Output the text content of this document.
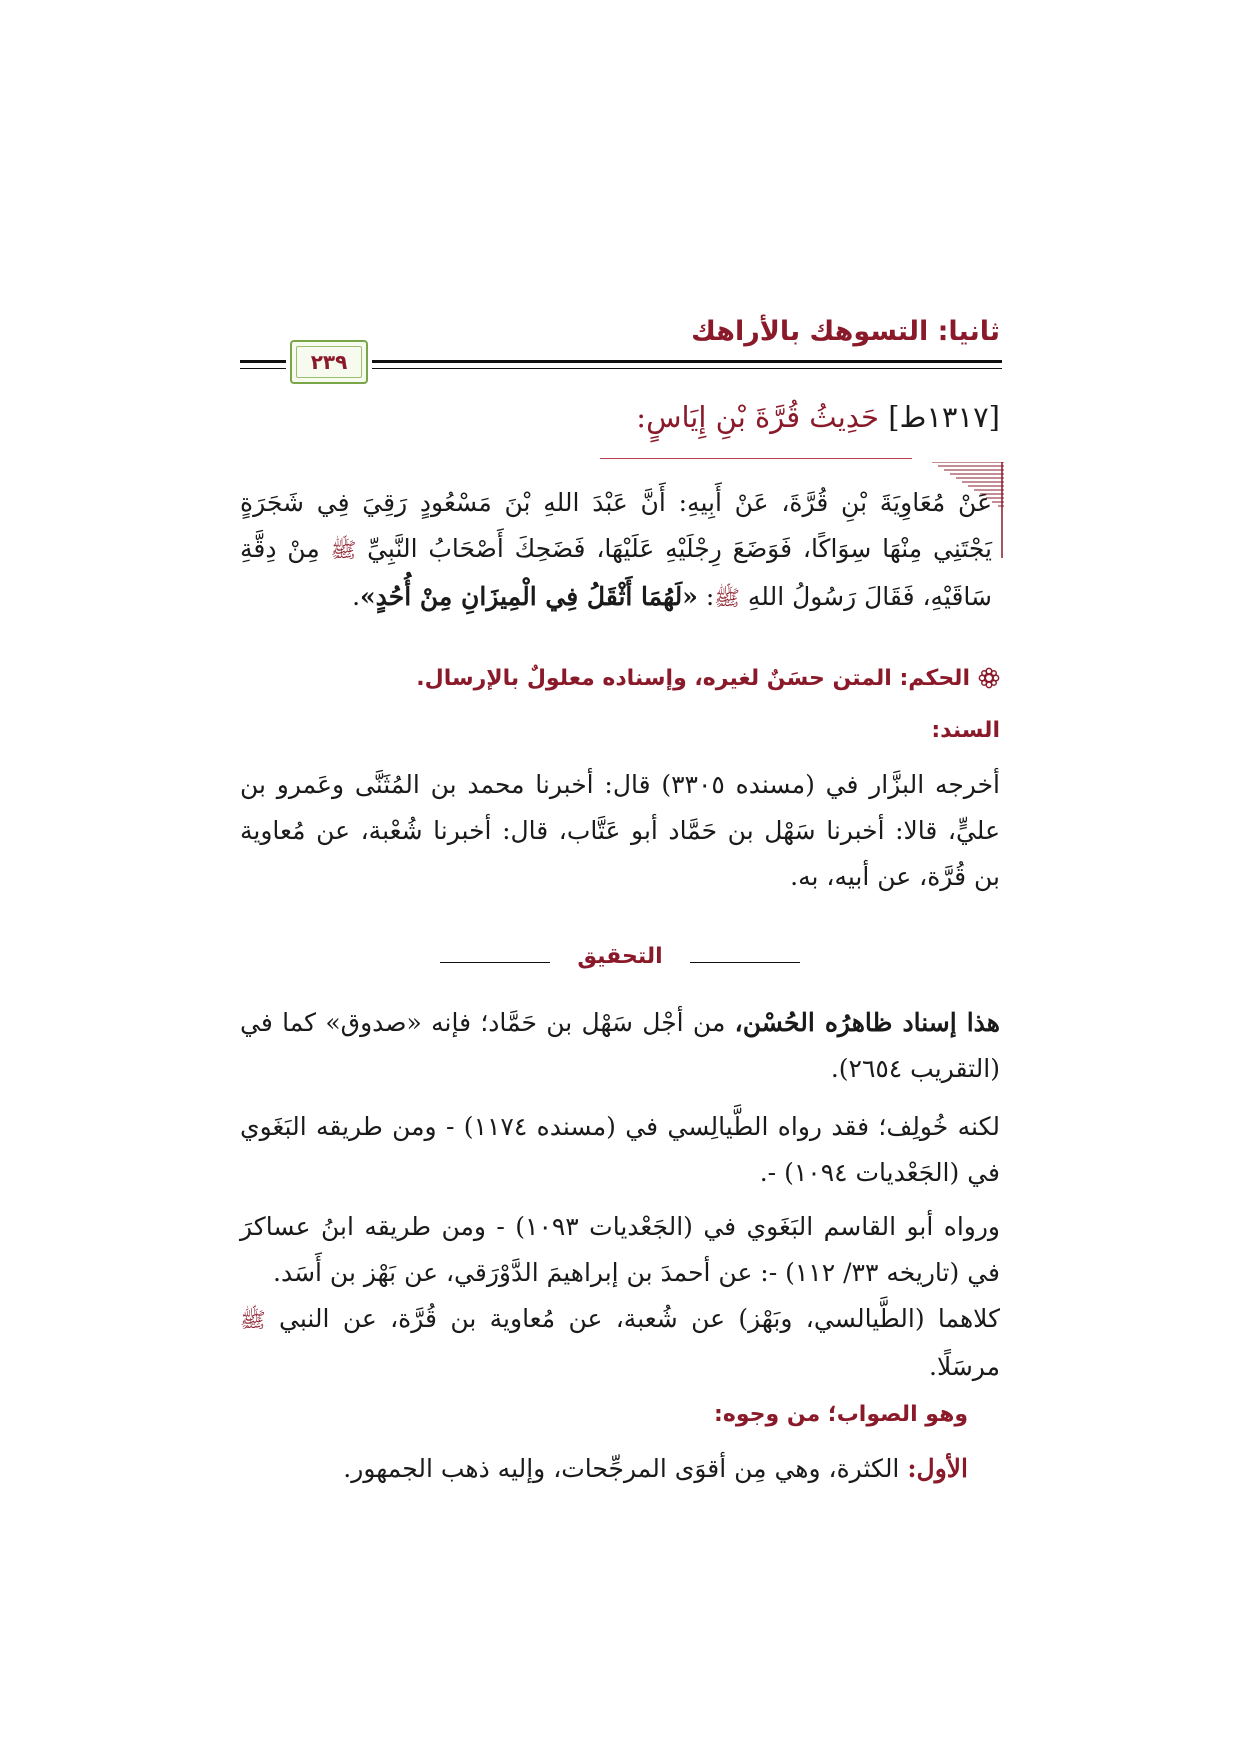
ثانيا: التسوهك بالأراهك
٢٣٩
[١٣١٧ط] حَدِيثُ قُرَّةَ بْنِ إِيَاسٍ:
عَنْ مُعَاوِيَةَ بْنِ قُرَّةَ، عَنْ أَبِيهِ: أَنَّ عَبْدَ اللهِ بْنَ مَسْعُودٍ رَقِيَ فِي شَجَرَةٍ يَجْتَنِي مِنْهَا سِوَاكًا، فَوَضَعَ رِجْلَيْهِ عَلَيْهَا، فَضَحِكَ أَصْحَابُ النَّبِيِّ ﷺ مِنْ دِقَّةِ سَاقَيْهِ، فَقَالَ رَسُولُ اللهِ ﷺ: «لَهُمَا أَثْقَلُ فِي الْمِيزَانِ مِنْ أُحُدٍ».
الحكم: المتن حسَنٌ لغيره، وإسناده معلولٌ بالإرسال.
السند:
أخرجه البزَّار في (مسنده ٣٣٠٥) قال: أخبرنا محمد بن المُثَنَّى وعَمرو بن عليٍّ، قالا: أخبرنا سَهْل بن حَمَّاد أبو عَتَّاب، قال: أخبرنا شُعْبة، عن مُعاوية بن قُرَّة، عن أبيه، به.
التحقيق
هذا إسناد ظاهرُه الحُسْن، من أجْل سَهْل بن حَمَّاد؛ فإنه «صدوق» كما في (التقريب ٢٦٥٤).
لكنه خُولِف؛ فقد رواه الطَّيالِسي في (مسنده ١١٧٤) - ومن طريقه البَغَوي في (الجَعْديات ١٠٩٤) -.
ورواه أبو القاسم البَغَوي في (الجَعْديات ١٠٩٣) - ومن طريقه ابنُ عساكرَ في (تاريخه ٣٣/ ١١٢) -: عن أحمدَ بن إبراهيمَ الدَّوْرَقي، عن بَهْز بن أَسَد.
كلاهما (الطَّيالسي، وبَهْز) عن شُعبة، عن مُعاوية بن قُرَّة، عن النبي ﷺ مرسَلًا.
وهو الصواب؛ من وجوه:
الأول: الكثرة، وهي مِن أقوَى المرجِّحات، وإليه ذهب الجمهور.
